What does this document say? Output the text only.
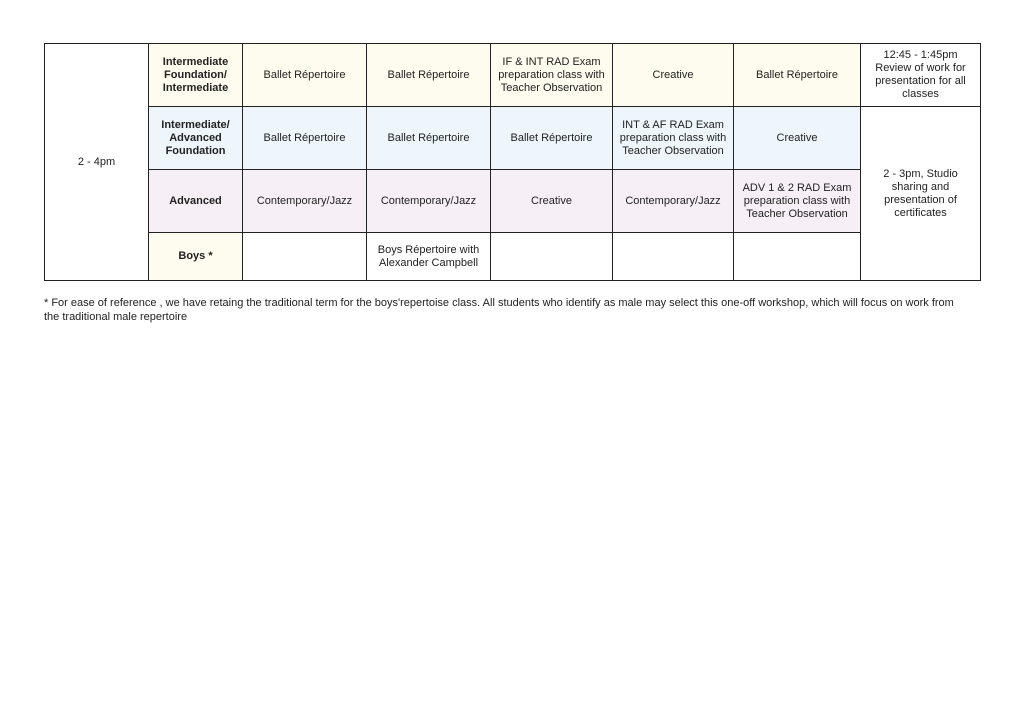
2 - 4pm	Intermediate Foundation/ Intermediate	Ballet Répertoire	Ballet Répertoire	IF & INT RAD Exam preparation class with Teacher Observation	Creative	Ballet Répertoire	12:45 - 1:45pm Review of work for presentation for all classes
	Intermediate/ Advanced Foundation	Ballet Répertoire	Ballet Répertoire	Ballet Répertoire	INT & AF RAD Exam preparation class with Teacher Observation	Creative	2 - 3pm, Studio sharing and presentation of certificates
	Advanced	Contemporary/Jazz	Contemporary/Jazz	Creative	Contemporary/Jazz	ADV 1 & 2 RAD Exam preparation class with Teacher Observation	
	Boys *		Boys Répertoire with Alexander Campbell				
* For ease of reference , we have retaing the traditional term for the boys'repertoise class. All students who identify as male may select this one-off workshop, which will focus on work from the traditional male repertoire
